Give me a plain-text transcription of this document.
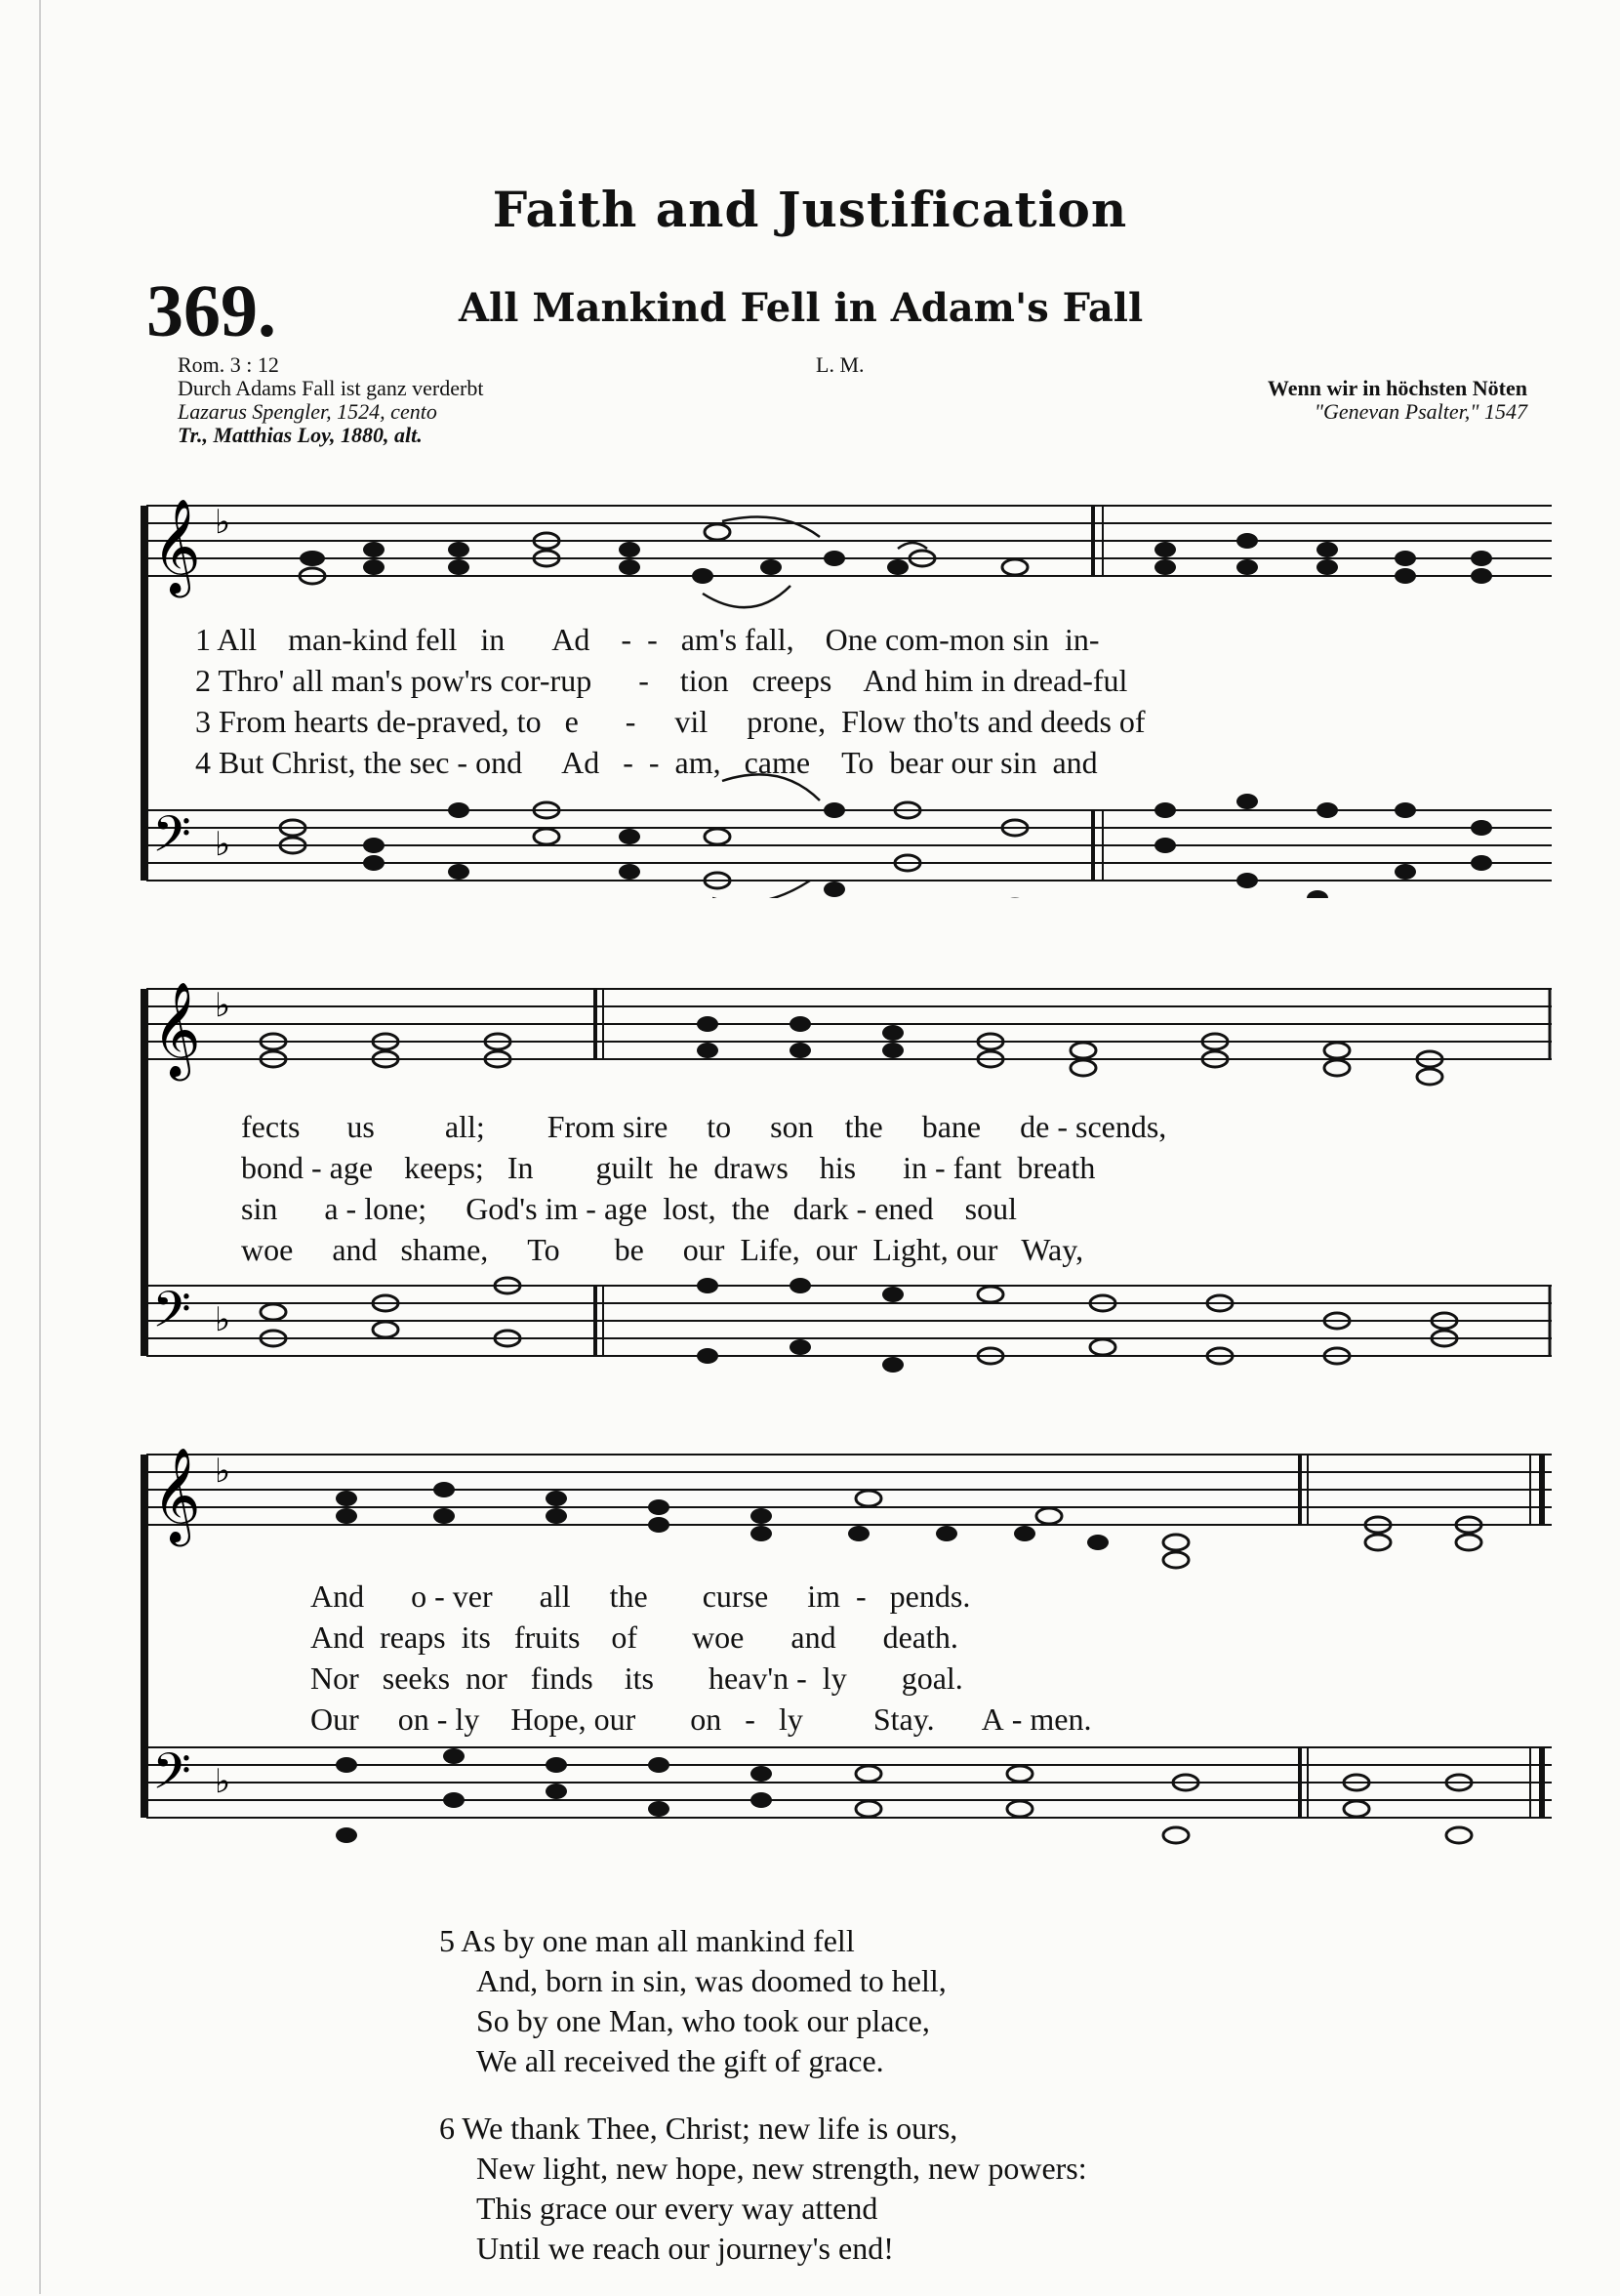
Faith and Justification
369.	All Mankind Fell in Adam's Fall
Rom. 3 : 12
Durch Adams Fall ist ganz verderbt
Lazarus Spengler, 1524, cento
Tr., Matthias Loy, 1880, alt.
L. M.
Wenn wir in höchsten Nöten
"Genevan Psalter," 1547
𝄞 ♭
𝄢 ♭
1 All man-kind fell in Ad - - am's fall, One com-mon sin in-
2 Thro' all man's pow'rs cor-rup - tion creeps And him in dread-ful
3 From hearts de-praved, to e - vil prone, Flow tho'ts and deeds of
4 But Christ, the sec - ond Ad - - am, came To bear our sin and
𝄞 ♭
𝄢 ♭
fects us all; From sire to son the bane de - scends,
bond - age keeps; In guilt he draws his in - fant breath
sin a - lone; God's im - age lost, the dark - ened soul
woe and shame, To be our Life, our Light, our Way,
𝄞 ♭
𝄢 ♭
And o - ver all the curse im - pends.
And reaps its fruits of woe and death.
Nor seeks nor finds its heav'n - ly goal.
Our on - ly Hope, our on - ly Stay. A - men.
5 As by one man all mankind fell
And, born in sin, was doomed to hell,
So by one Man, who took our place,
We all received the gift of grace.
6 We thank Thee, Christ; new life is ours,
New light, new hope, new strength, new powers:
This grace our every way attend
Until we reach our journey's end!
